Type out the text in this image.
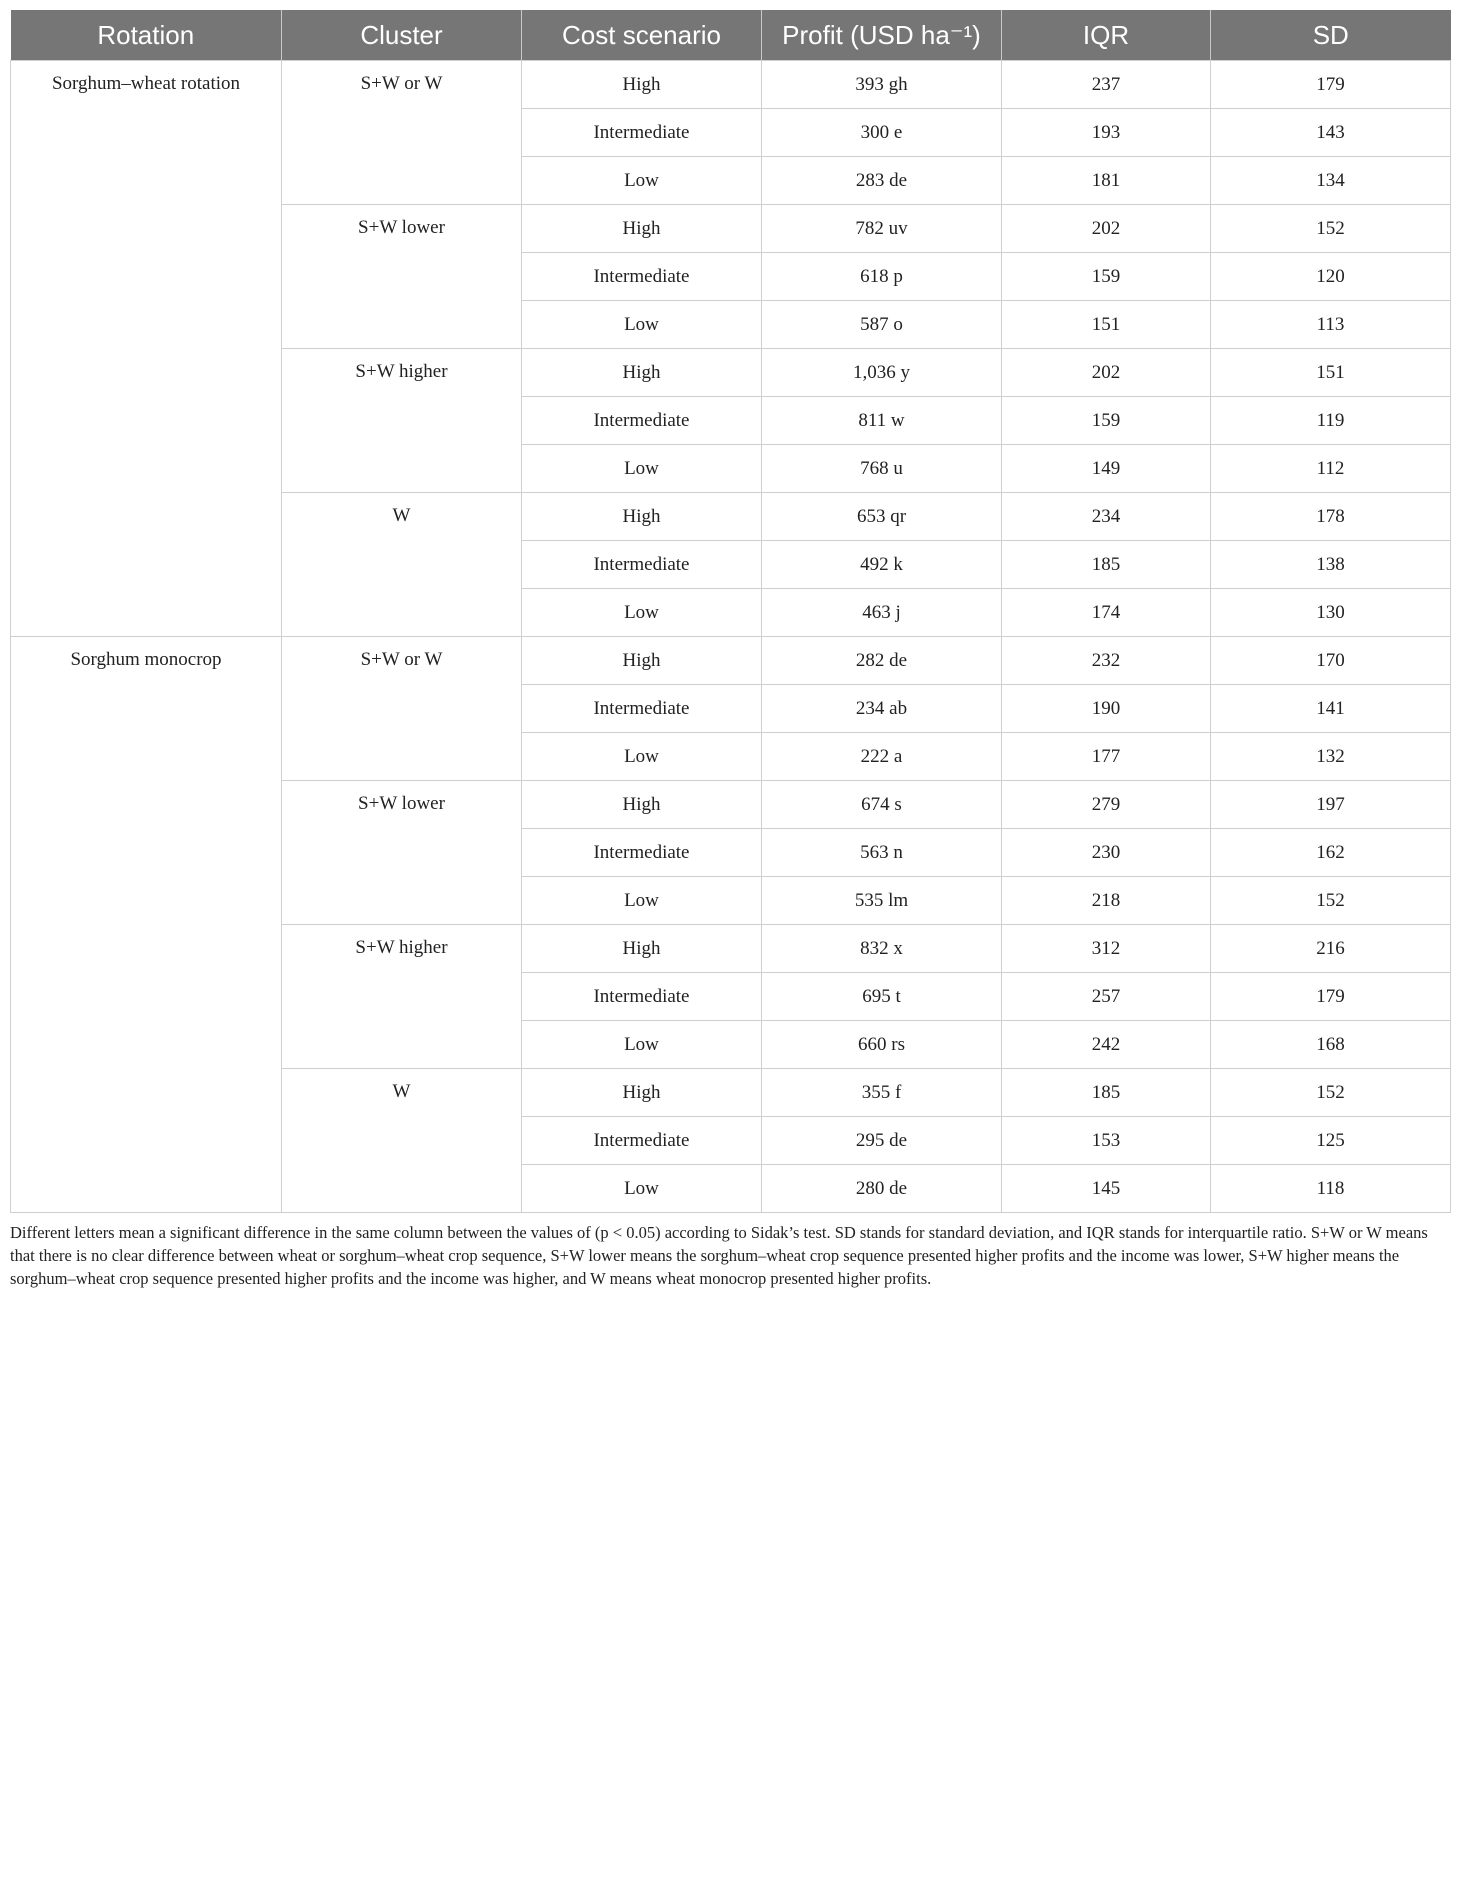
Rotation	Cluster	Cost scenario	Profit (USD ha⁻¹)	IQR	SD
Sorghum–wheat rotation	S+W or W	High	393 gh	237	179
		Intermediate	300 e	193	143
		Low	283 de	181	134
	S+W lower	High	782 uv	202	152
		Intermediate	618 p	159	120
		Low	587 o	151	113
	S+W higher	High	1,036 y	202	151
		Intermediate	811 w	159	119
		Low	768 u	149	112
	W	High	653 qr	234	178
		Intermediate	492 k	185	138
		Low	463 j	174	130
Sorghum monocrop	S+W or W	High	282 de	232	170
		Intermediate	234 ab	190	141
		Low	222 a	177	132
	S+W lower	High	674 s	279	197
		Intermediate	563 n	230	162
		Low	535 lm	218	152
	S+W higher	High	832 x	312	216
		Intermediate	695 t	257	179
		Low	660 rs	242	168
	W	High	355 f	185	152
		Intermediate	295 de	153	125
		Low	280 de	145	118

Different letters mean a significant difference in the same column between the values of (p < 0.05) according to Sidak’s test. SD stands for standard deviation, and IQR stands for interquartile ratio. S+W or W means that there is no clear difference between wheat or sorghum–wheat crop sequence, S+W lower means the sorghum–wheat crop sequence presented higher profits and the income was lower, S+W higher means the sorghum–wheat crop sequence presented higher profits and the income was higher, and W means wheat monocrop presented higher profits.
